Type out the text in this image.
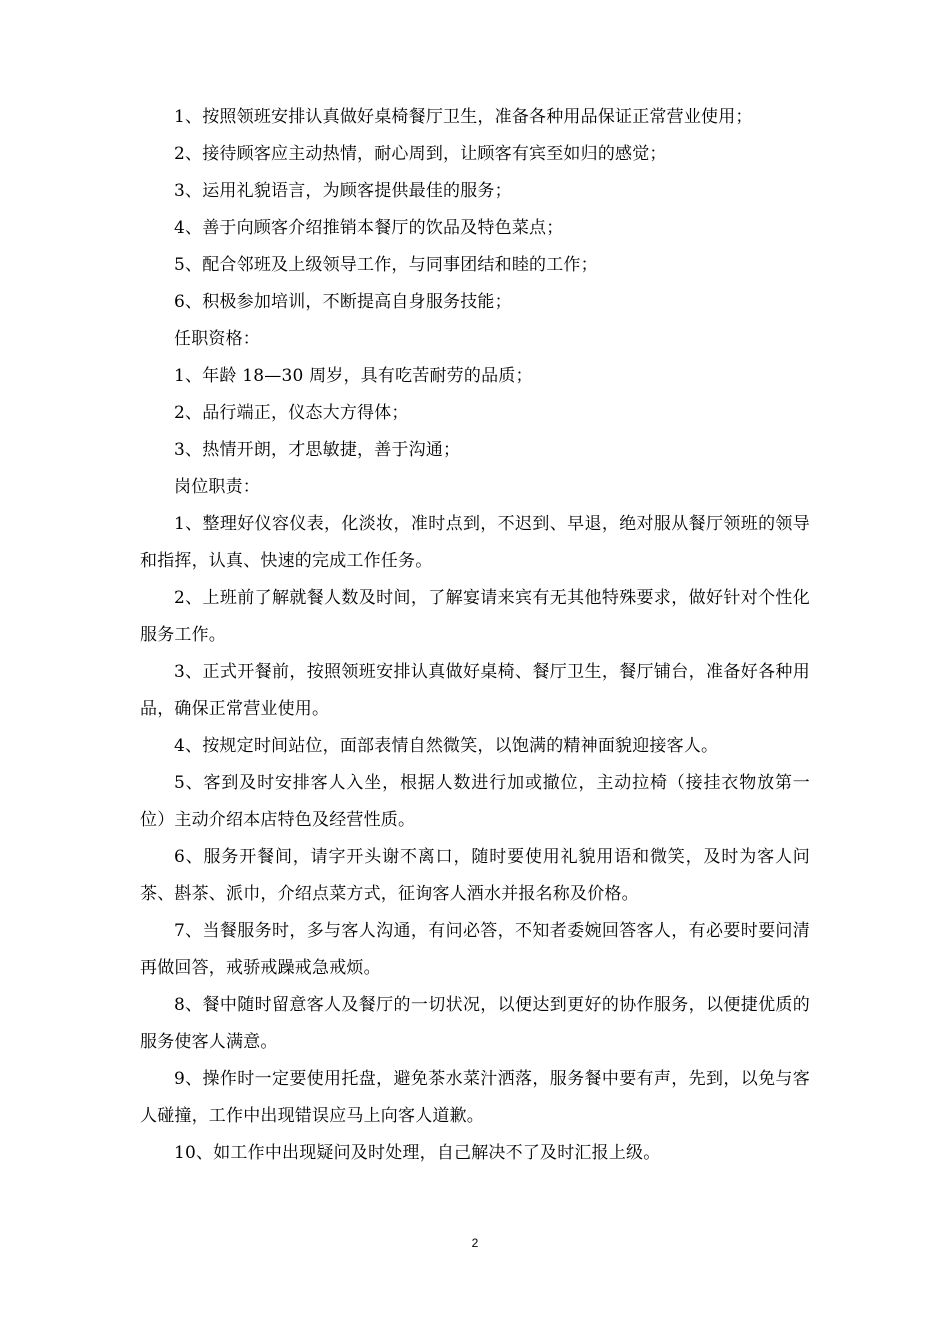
1、按照领班安排认真做好桌椅餐厅卫生，准备各种用品保证正常营业使用；

2、接待顾客应主动热情，耐心周到，让顾客有宾至如归的感觉；

3、运用礼貌语言，为顾客提供最佳的服务；

4、善于向顾客介绍推销本餐厅的饮品及特色菜点；

5、配合邻班及上级领导工作，与同事团结和睦的工作；

6、积极参加培训，不断提高自身服务技能；

任职资格：

1、年龄 18—30 周岁，具有吃苦耐劳的品质；

2、品行端正，仪态大方得体；

3、热情开朗，才思敏捷，善于沟通；

岗位职责：

1、整理好仪容仪表，化淡妆，准时点到，不迟到、早退，绝对服从餐厅领班的领导和指挥，认真、快速的完成工作任务。

2、上班前了解就餐人数及时间，了解宴请来宾有无其他特殊要求，做好针对个性化服务工作。

3、正式开餐前，按照领班安排认真做好桌椅、餐厅卫生，餐厅铺台，准备好各种用品，确保正常营业使用。

4、按规定时间站位，面部表情自然微笑，以饱满的精神面貌迎接客人。

5、客到及时安排客人入坐，根据人数进行加或撤位，主动拉椅（接挂衣物放第一位）主动介绍本店特色及经营性质。

6、服务开餐间，请字开头谢不离口，随时要使用礼貌用语和微笑，及时为客人问茶、斟茶、派巾，介绍点菜方式，征询客人酒水并报名称及价格。

7、当餐服务时，多与客人沟通，有问必答，不知者委婉回答客人，有必要时要问清再做回答，戒骄戒躁戒急戒烦。

8、餐中随时留意客人及餐厅的一切状况，以便达到更好的协作服务，以便捷优质的服务使客人满意。

9、操作时一定要使用托盘，避免茶水菜汁洒落，服务餐中要有声，先到，以免与客人碰撞，工作中出现错误应马上向客人道歉。

10、如工作中出现疑问及时处理，自己解决不了及时汇报上级。

2
